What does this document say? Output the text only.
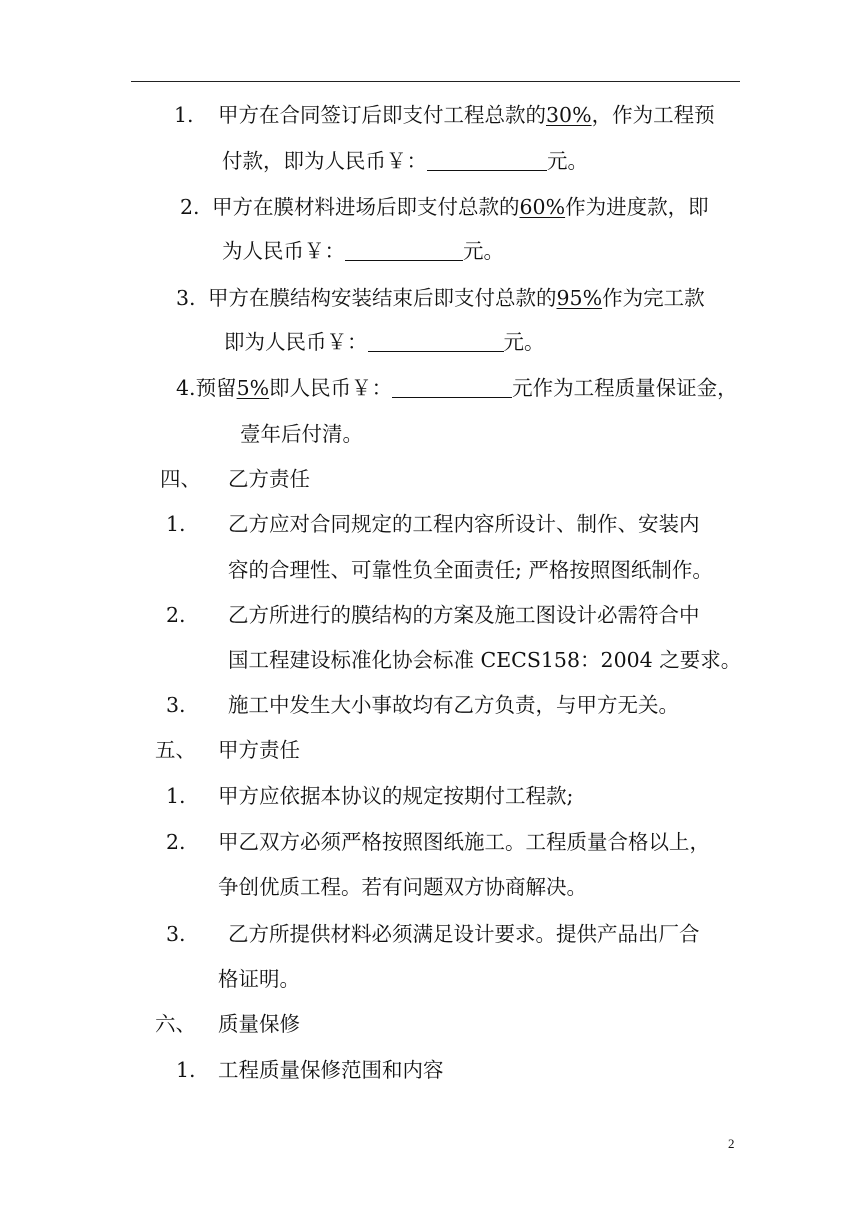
1. 甲方在合同签订后即支付工程总款的30%，作为工程预
付款，即为人民币￥：	元。
2. 甲方在膜材料进场后即支付总款的60%作为进度款，即
为人民币￥：	元。
3. 甲方在膜结构安装结束后即支付总款的95%作为完工款
即为人民币￥：	元。
4.预留5%即人民币￥：	元作为工程质量保证金，
壹年后付清。
四、 乙方责任
1. 乙方应对合同规定的工程内容所设计、制作、安装内
容的合理性、可靠性负全面责任; 严格按照图纸制作。
2. 乙方所进行的膜结构的方案及施工图设计必需符合中
国工程建设标准化协会标准 CECS158：2004 之要求。
3. 施工中发生大小事故均有乙方负责，与甲方无关。
五、 甲方责任
1. 甲方应依据本协议的规定按期付工程款;
2. 甲乙双方必须严格按照图纸施工。工程质量合格以上，
争创优质工程。若有问题双方协商解决。
3. 乙方所提供材料必须满足设计要求。提供产品出厂合
格证明。
六、 质量保修
1. 工程质量保修范围和内容
2
